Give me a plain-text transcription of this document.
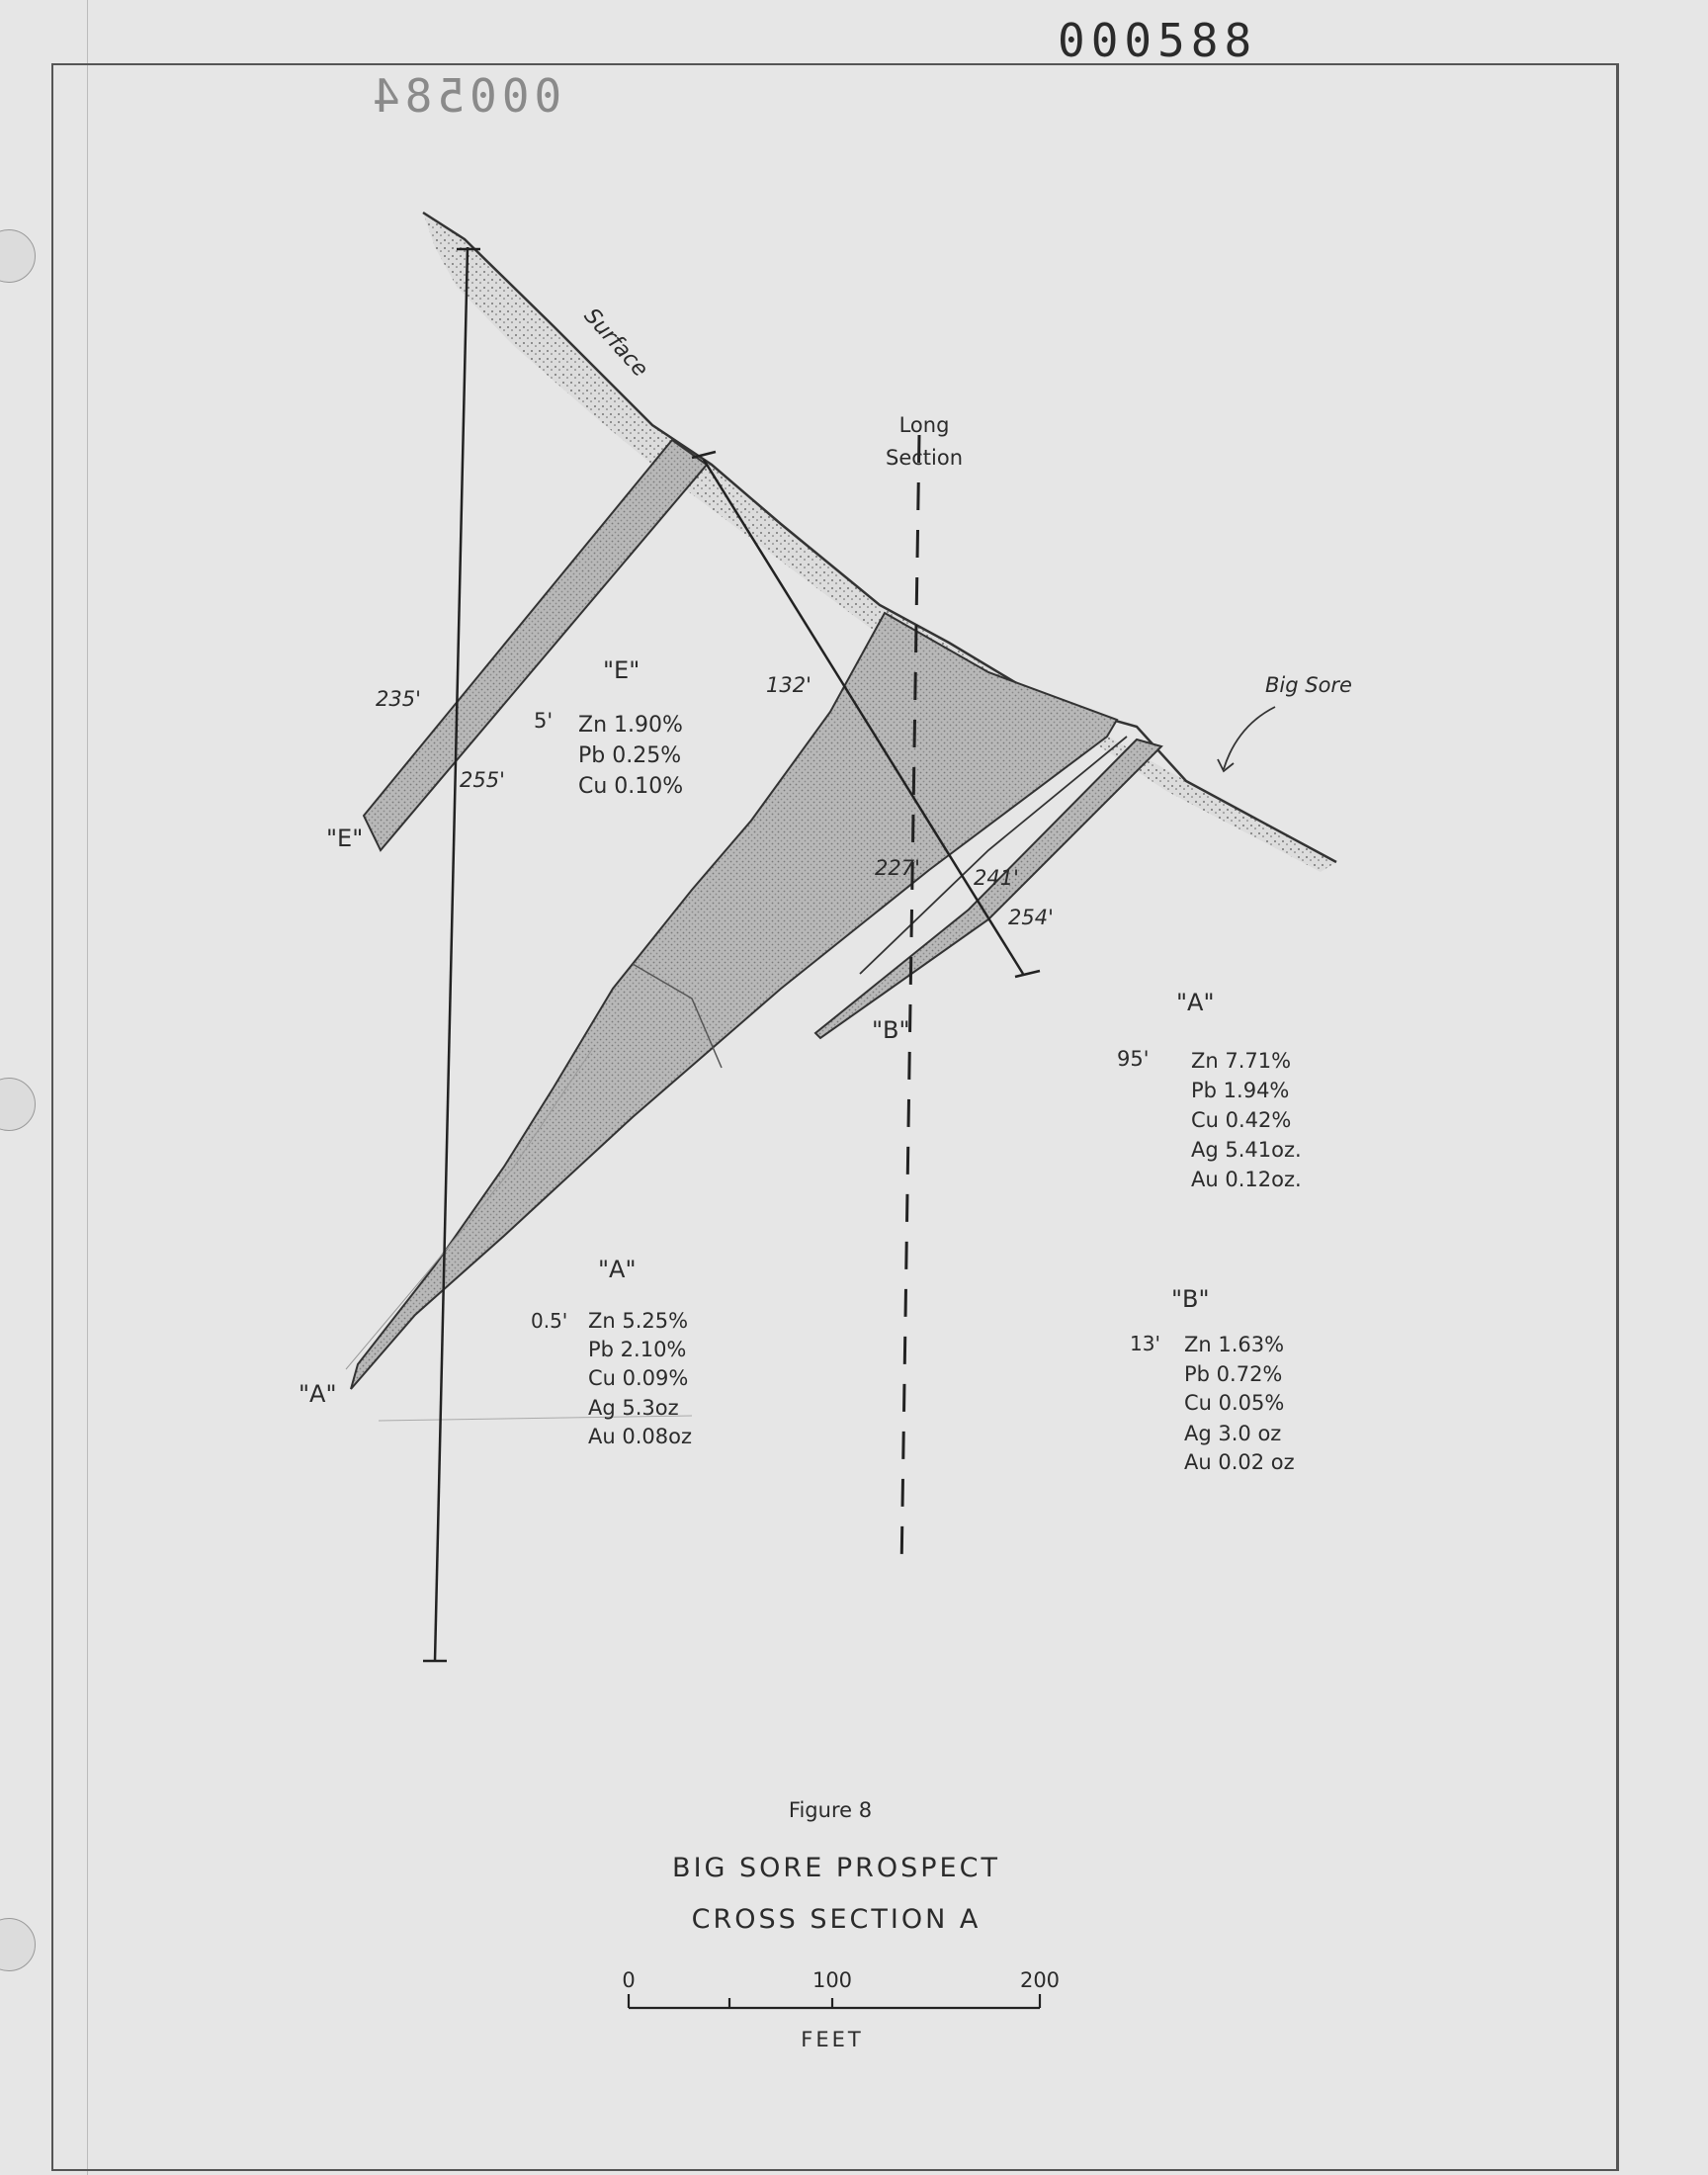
000588
000584
Long
Section
Surface
Big Sore
235'
255'
132'
227'	241'
254'
"E"
"A"
"B"
"E"
5' Zn 1.90%
Pb 0.25%
Cu 0.10%
"A"
95' Zn 7.71%
Pb 1.94%
Cu 0.42%
Ag 5.41oz.
Au 0.12oz.
"A"
0.5' Zn 5.25%
Pb 2.10%
Cu 0.09%
Ag 5.3oz
Au 0.08oz
"B"
13' Zn 1.63%
Pb 0.72%
Cu 0.05%
Ag 3.0 oz
Au 0.02 oz
Figure 8
BIG SORE PROSPECT
CROSS SECTION A
0	100	200
FEET
